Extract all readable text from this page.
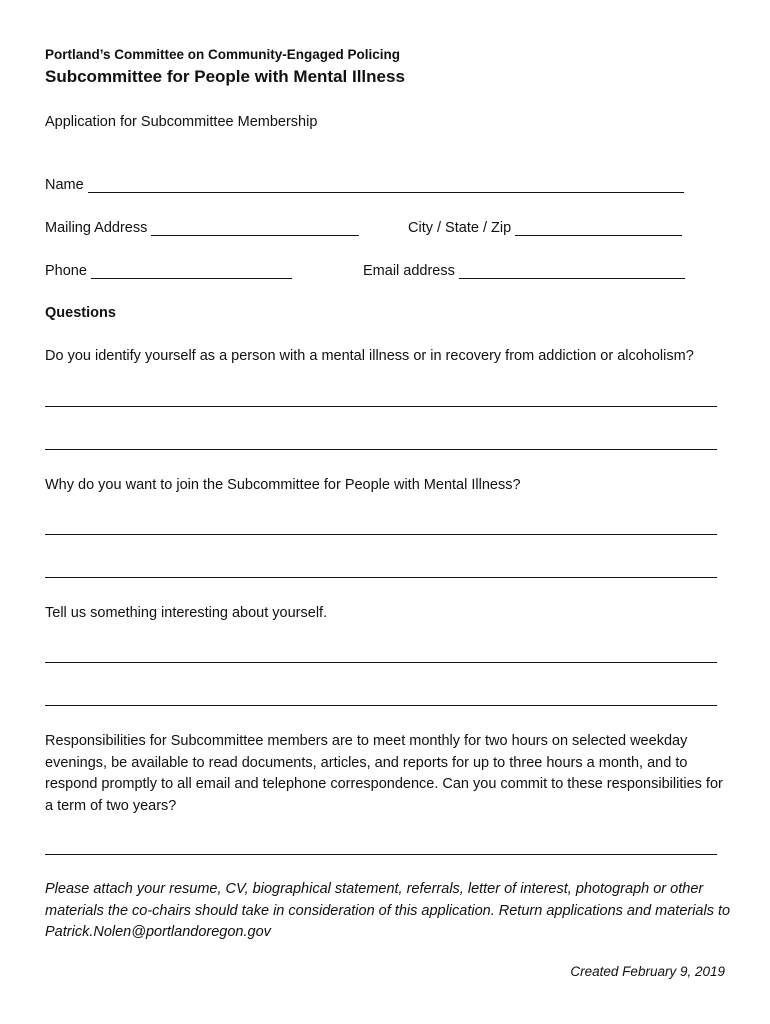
Portland’s Committee on Community-Engaged Policing
Subcommittee for People with Mental Illness
Application for Subcommittee Membership
Name
Mailing Address	City / State / Zip
Phone	Email address
Questions
Do you identify yourself as a person with a mental illness or in recovery from addiction or alcoholism?
Why do you want to join the Subcommittee for People with Mental Illness?
Tell us something interesting about yourself.
Responsibilities for Subcommittee members are to meet monthly for two hours on selected weekday evenings, be available to read documents, articles, and reports for up to three hours a month, and to respond promptly to all email and telephone correspondence. Can you commit to these responsibilities for a term of two years?
Please attach your resume, CV, biographical statement, referrals, letter of interest, photograph or other materials the co-chairs should take in consideration of this application. Return applications and materials to Patrick.Nolen@portlandoregon.gov
Created February 9, 2019
